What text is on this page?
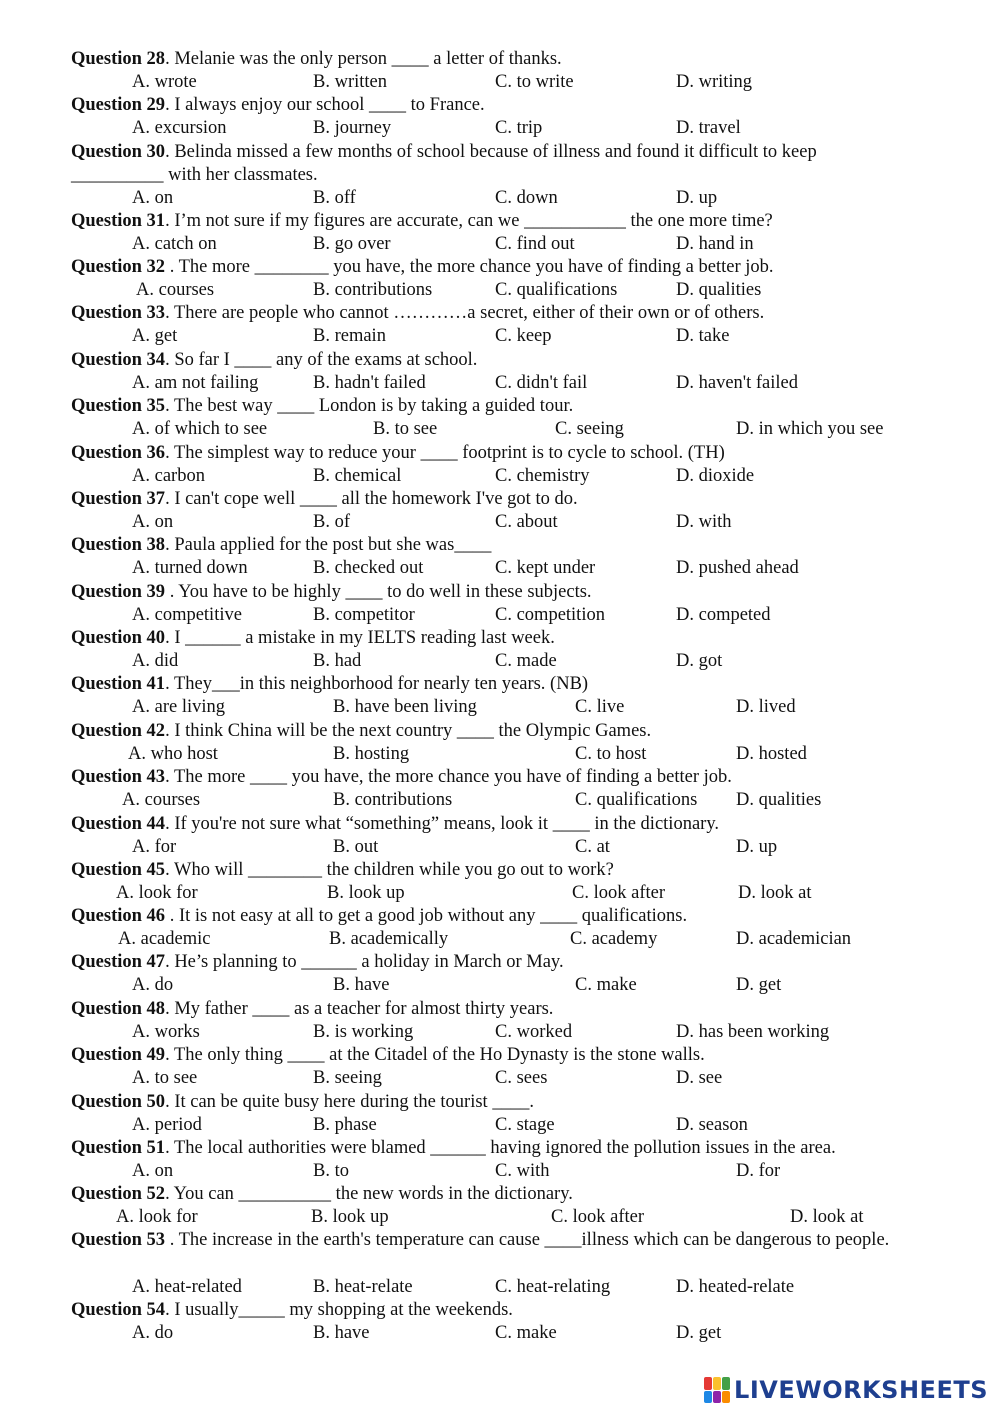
Question 28. Melanie was the only person ____ a letter of thanks.
A. wrote	B. written	C. to write	D. writing
Question 29. I always enjoy our school ____ to France.
A. excursion	B. journey	C. trip	D. travel
Question 30. Belinda missed a few months of school because of illness and found it difficult to keep __________ with her classmates.
A. on	B. off	C. down	D. up
Question 31. I’m not sure if my figures are accurate, can we ___________ the one more time?
A. catch on	B. go over	C. find out	D. hand in
Question 32 . The more ________ you have, the more chance you have of finding a better job.
A. courses	B. contributions	C. qualifications	D. qualities
Question 33. There are people who cannot …………a secret, either of their own or of others.
A. get	B. remain	C. keep	D. take
Question 34. So far I ____ any of the exams at school.
A. am not failing	B. hadn't failed	C. didn't fail	D. haven't failed
Question 35. The best way ____ London is by taking a guided tour.
A. of which to see	B. to see	C. seeing	D. in which you see
Question 36. The simplest way to reduce your ____ footprint is to cycle to school. (TH)
A. carbon	B. chemical	C. chemistry	D. dioxide
Question 37. I can't cope well ____ all the homework I've got to do.
A. on	B. of	C. about	D. with
Question 38. Paula applied for the post but she was____
A. turned down	B. checked out	C. kept under	D. pushed ahead
Question 39 . You have to be highly ____ to do well in these subjects.
A. competitive	B. competitor	C. competition	D. competed
Question 40. I ______ a mistake in my IELTS reading last week.
A. did	B. had	C. made	D. got
Question 41. They___in this neighborhood for nearly ten years. (NB)
A. are living	B. have been living	C. live	D. lived
Question 42. I think China will be the next country ____ the Olympic Games.
A. who host	B. hosting	C. to host	D. hosted
Question 43. The more ____ you have, the more chance you have of finding a better job.
A. courses	B. contributions	C. qualifications D. qualities
Question 44. If you're not sure what “something” means, look it ____ in the dictionary.
A. for	B. out	C. at	D. up
Question 45. Who will ________ the children while you go out to work?
A. look for	B. look up	C. look after	D. look at
Question 46 . It is not easy at all to get a good job without any ____ qualifications.
A. academic	B. academically	C. academy	D. academician
Question 47. He’s planning to ______ a holiday in March or May.
A. do	B. have	C. make	D. get
Question 48. My father ____ as a teacher for almost thirty years.
A. works	B. is working	C. worked	D. has been working
Question 49. The only thing ____ at the Citadel of the Ho Dynasty is the stone walls.
A. to see	B. seeing	C. sees	D. see
Question 50. It can be quite busy here during the tourist ____.
A. period	B. phase	C. stage	D. season
Question 51. The local authorities were blamed ______ having ignored the pollution issues in the area.
A. on	B. to	C. with	D. for
Question 52. You can __________ the new words in the dictionary.
A. look for	B. look up	C. look after	D. look at
Question 53 . The increase in the earth's temperature can cause ____illness which can be dangerous to people.
A. heat-related	B. heat-relate	C. heat-relating	D. heated-relate
Question 54. I usually_____ my shopping at the weekends.
A. do	B. have	C. make	D. get
LIVEWORKSHEETS
